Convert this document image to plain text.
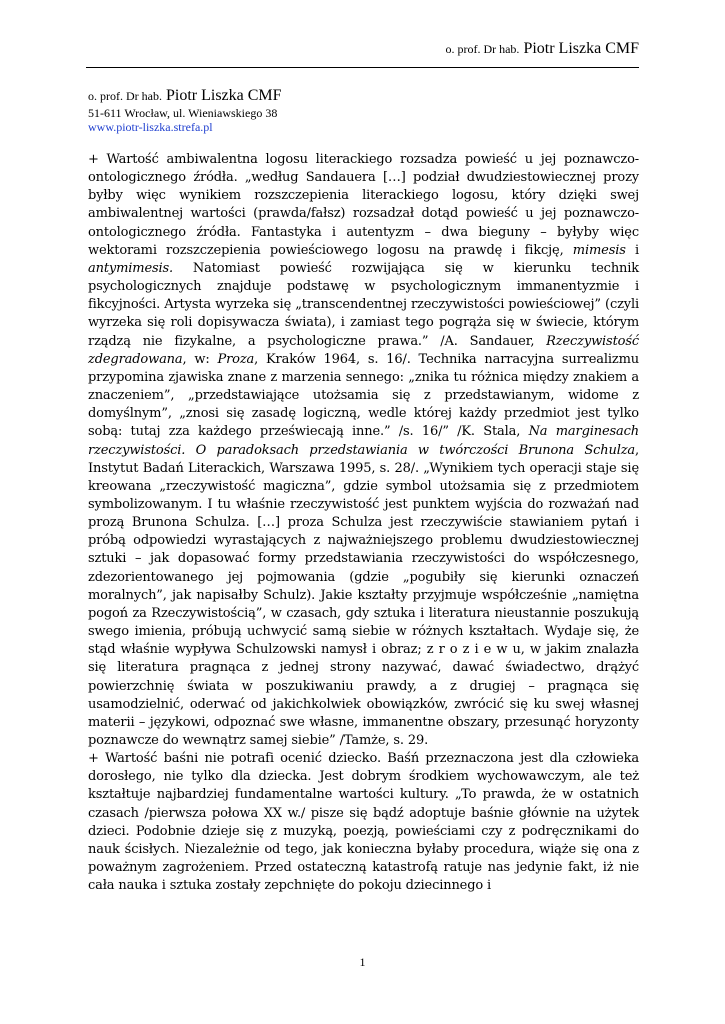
o. prof. Dr hab. Piotr Liszka CMF
o. prof. Dr hab. Piotr Liszka CMF
51-611 Wrocław, ul. Wieniawskiego 38
www.piotr-liszka.strefa.pl

+ Wartość ambiwalentna logosu literackiego rozsadza powieść u jej poznawczo-ontologicznego źródła. „według Sandauera […] podział dwudziestowiecznej prozy byłby więc wynikiem rozszczepienia literackiego logosu, który dzięki swej ambiwalentnej wartości (prawda/fałsz) rozsadzał dotąd powieść u jej poznawczo-ontologicznego źródła. Fantastyka i autentyzm – dwa bieguny – byłyby więc wektorami rozszczepienia powieściowego logosu na prawdę i fikcję, mimesis i antymimesis. Natomiast powieść rozwijająca się w kierunku technik psychologicznych znajduje podstawę w psychologicznym immanentyzmie i fikcyjności. Artysta wyrzeka się „transcendentnej rzeczywistości powieściowej” (czyli wyrzeka się roli dopisywacza świata), i zamiast tego pogrąża się w świecie, którym rządzą nie fizykalne, a psychologiczne prawa.” /A. Sandauer, Rzeczywistość zdegradowana, w: Proza, Kraków 1964, s. 16/. Technika narracyjna surrealizmu przypomina zjawiska znane z marzenia sennego: „znika tu różnica między znakiem a znaczeniem”, „przedstawiające utożsamia się z przedstawianym, widome z domyślnym”, „znosi się zasadę logiczną, wedle której każdy przedmiot jest tylko sobą: tutaj zza każdego przeświecają inne.” /s. 16/” /K. Stala, Na marginesach rzeczywistości. O paradoksach przedstawiania w twórczości Brunona Schulza, Instytut Badań Literackich, Warszawa 1995, s. 28/. „Wynikiem tych operacji staje się kreowana „rzeczywistość magiczna”, gdzie symbol utożsamia się z przedmiotem symbolizowanym. I tu właśnie rzeczywistość jest punktem wyjścia do rozważań nad prozą Brunona Schulza. […] proza Schulza jest rzeczywiście stawianiem pytań i próbą odpowiedzi wyrastających z najważniejszego problemu dwudziestowiecznej sztuki – jak dopasować formy przedstawiania rzeczywistości do współczesnego, zdezorientowanego jej pojmowania (gdzie „pogubiły się kierunki oznaczeń moralnych”, jak napisałby Schulz). Jakie kształty przyjmuje współcześnie „namiętna pogoń za Rzeczywistością”, w czasach, gdy sztuka i literatura nieustannie poszukują swego imienia, próbują uchwycić samą siebie w różnych kształtach. Wydaje się, że stąd właśnie wypływa Schulzowski namysł i obraz; z r o z i e w u, w jakim znalazła się literatura pragnąca z jednej strony nazywać, dawać świadectwo, drążyć powierzchnię świata w poszukiwaniu prawdy, a z drugiej – pragnąca się usamodzielnić, oderwać od jakichkolwiek obowiązków, zwrócić się ku swej własnej materii – językowi, odpoznać swe własne, immanentne obszary, przesunąć horyzonty poznawcze do wewnątrz samej siebie” /Tamże, s. 29.

+ Wartość baśni nie potrafi ocenić dziecko. Baśń przeznaczona jest dla człowieka dorosłego, nie tylko dla dziecka. Jest dobrym środkiem wychowawczym, ale też kształtuje najbardziej fundamentalne wartości kultury. „To prawda, że w ostatnich czasach /pierwsza połowa XX w./ pisze się bądź adoptuje baśnie głównie na użytek dzieci. Podobnie dzieje się z muzyką, poezją, powieściami czy z podręcznikami do nauk ścisłych. Niezależnie od tego, jak konieczna byłaby procedura, wiąże się ona z poważnym zagrożeniem. Przed ostateczną katastrofą ratuje nas jedynie fakt, iż nie cała nauka i sztuka zostały zepchnięte do pokoju dziecinnego i

1
